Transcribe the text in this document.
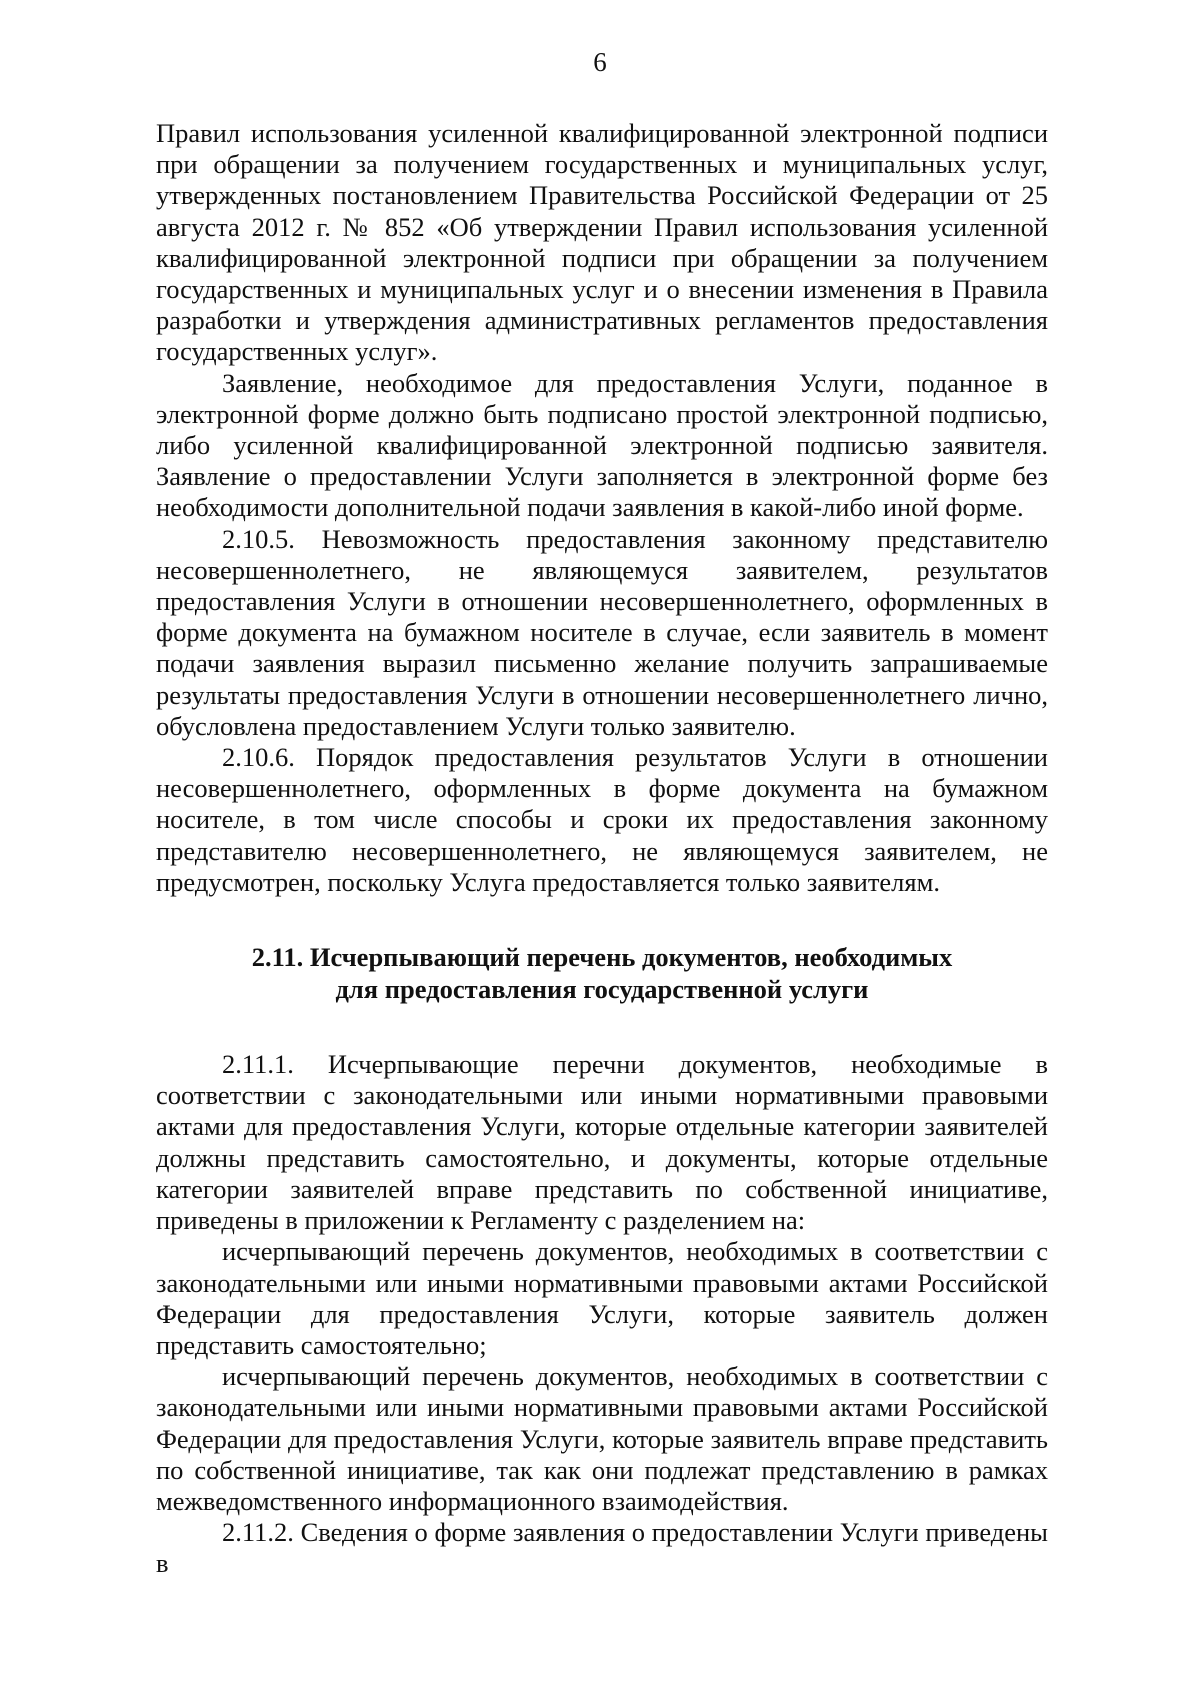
6

Правил использования усиленной квалифицированной электронной подписи при обращении за получением государственных и муниципальных услуг, утвержденных постановлением Правительства Российской Федерации от 25 августа 2012 г. № 852 «Об утверждении Правил использования усиленной квалифицированной электронной подписи при обращении за получением государственных и муниципальных услуг и о внесении изменения в Правила разработки и утверждения административных регламентов предоставления государственных услуг».

Заявление, необходимое для предоставления Услуги, поданное в электронной форме должно быть подписано простой электронной подписью, либо усиленной квалифицированной электронной подписью заявителя. Заявление о предоставлении Услуги заполняется в электронной форме без необходимости дополнительной подачи заявления в какой-либо иной форме.

2.10.5. Невозможность предоставления законному представителю несовершеннолетнего, не являющемуся заявителем, результатов предоставления Услуги в отношении несовершеннолетнего, оформленных в форме документа на бумажном носителе в случае, если заявитель в момент подачи заявления выразил письменно желание получить запрашиваемые результаты предоставления Услуги в отношении несовершеннолетнего лично, обусловлена предоставлением Услуги только заявителю.

2.10.6. Порядок предоставления результатов Услуги в отношении несовершеннолетнего, оформленных в форме документа на бумажном носителе, в том числе способы и сроки их предоставления законному представителю несовершеннолетнего, не являющемуся заявителем, не предусмотрен, поскольку Услуга предоставляется только заявителям.

2.11. Исчерпывающий перечень документов, необходимых
для предоставления государственной услуги

2.11.1. Исчерпывающие перечни документов, необходимые в соответствии с законодательными или иными нормативными правовыми актами для предоставления Услуги, которые отдельные категории заявителей должны представить самостоятельно, и документы, которые отдельные категории заявителей вправе представить по собственной инициативе, приведены в приложении к Регламенту с разделением на:

исчерпывающий перечень документов, необходимых в соответствии с законодательными или иными нормативными правовыми актами Российской Федерации для предоставления Услуги, которые заявитель должен представить самостоятельно;

исчерпывающий перечень документов, необходимых в соответствии с законодательными или иными нормативными правовыми актами Российской Федерации для предоставления Услуги, которые заявитель вправе представить по собственной инициативе, так как они подлежат представлению в рамках межведомственного информационного взаимодействия.

2.11.2. Сведения о форме заявления о предоставлении Услуги приведены в
